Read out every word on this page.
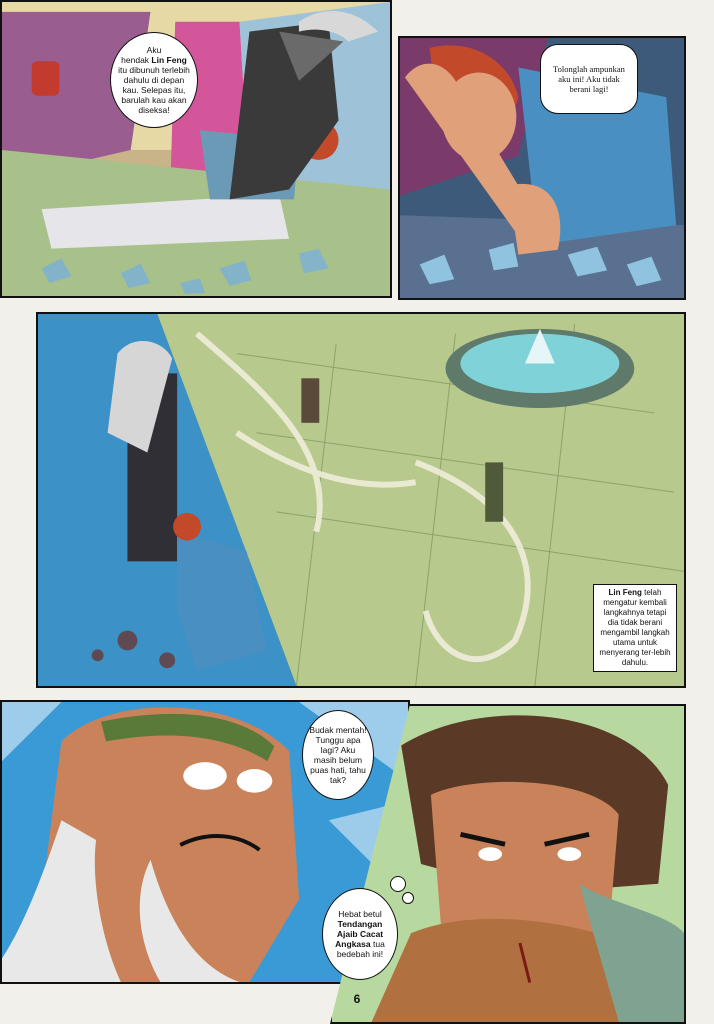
Aku
hendak Lin Feng itu dibunuh terlebih dahulu di depan kau. Selepas itu, barulah kau akan diseksa!
Tolonglah ampunkan aku ini! Aku tidak berani lagi!
Lin Feng telah mengatur kembali langkahnya tetapi dia tidak berani mengambil langkah utama untuk menyerang ter-lebih dahulu.
Budak mentah! Tunggu apa lagi? Aku masih belum puas hati, tahu tak?
Hebat betul Tendangan Ajaib Cacat Angkasa tua bedebah ini!
6
